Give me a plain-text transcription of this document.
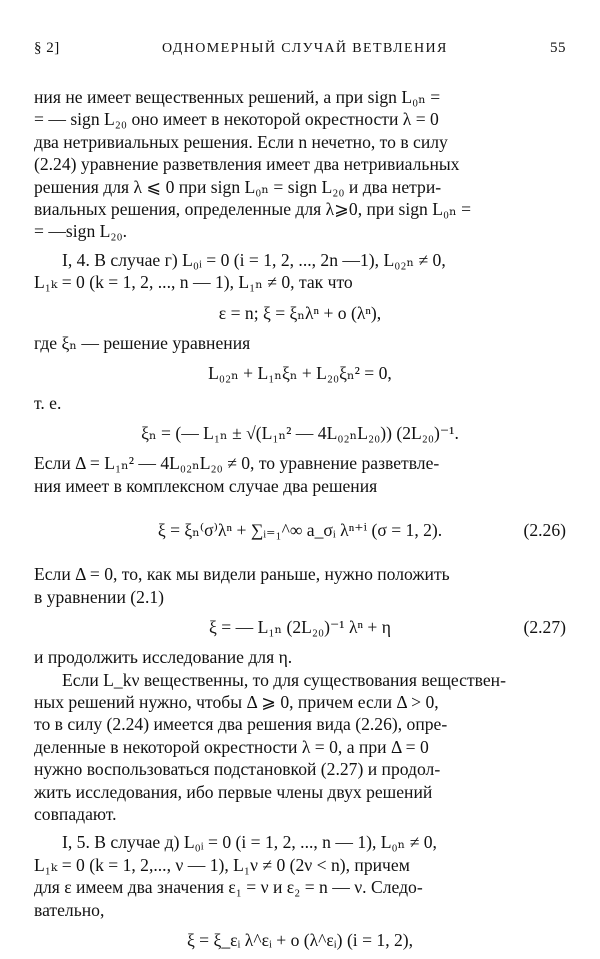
§ 2]	ОДНОМЕРНЫЙ СЛУЧАЙ ВЕТВЛЕНИЯ	55

ния не имеет вещественных решений, а при sign L₀ₙ =
= — sign L₂₀ оно имеет в некоторой окрестности λ = 0
два нетривиальных решения. Если n нечетно, то в силу
(2.24) уравнение разветвления имеет два нетривиальных
решения для λ ⩽ 0 при sign L₀ₙ = sign L₂₀ и два нетри-
виальных решения, определенные для λ⩾0, при sign L₀ₙ =
= —sign L₂₀.

I, 4. В случае г) L₀ᵢ = 0 (i = 1, 2, ..., 2n —1), L₀₂ₙ ≠ 0,
L₁ₖ = 0 (k = 1, 2, ..., n — 1), L₁ₙ ≠ 0, так что

ε = n; ξ = ξₙλⁿ + o (λⁿ),

где ξₙ — решение уравнения

L₀₂ₙ + L₁ₙξₙ + L₂₀ξₙ² = 0,

т. е.

ξₙ = (— L₁ₙ ± √(L₁ₙ² — 4L₀₂ₙL₂₀)) (2L₂₀)⁻¹.

Если Δ = L₁ₙ² — 4L₀₂ₙL₂₀ ≠ 0, то уравнение разветвле-
ния имеет в комплексном случае два решения

ξ = ξₙ⁽σ⁾λⁿ + ∑ᵢ₌₁^∞ a_σᵢ λⁿ⁺ⁱ (σ = 1, 2).	(2.26)

Если Δ = 0, то, как мы видели раньше, нужно положить
в уравнении (2.1)

ξ = — L₁ₙ (2L₂₀)⁻¹ λⁿ + η	(2.27)

и продолжить исследование для η.

Если L_kν вещественны, то для существования веществен-
ных решений нужно, чтобы Δ ⩾ 0, причем если Δ > 0,
то в силу (2.24) имеется два решения вида (2.26), опре-
деленные в некоторой окрестности λ = 0, а при Δ = 0
нужно воспользоваться подстановкой (2.27) и продол-
жить исследования, ибо первые члены двух решений
совпадают.

I, 5. В случае д) L₀ᵢ = 0 (i = 1, 2, ..., n — 1), L₀ₙ ≠ 0,
L₁ₖ = 0 (k = 1, 2,..., ν — 1), L₁ν ≠ 0 (2ν < n), причем
для ε имеем два значения ε₁ = ν и ε₂ = n — ν. Следо-
вательно,

ξ = ξ_εᵢ λ^εᵢ + o (λ^εᵢ) (i = 1, 2),
